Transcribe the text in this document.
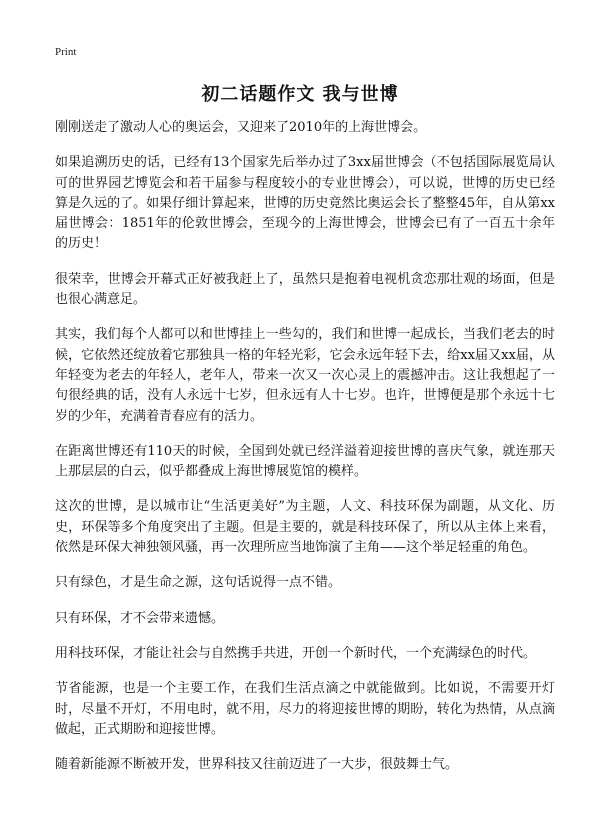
Print
初二话题作文 我与世博

刚刚送走了激动人心的奥运会，又迎来了2010年的上海世博会。

如果追溯历史的话，已经有13个国家先后举办过了3xx届世博会（不包括国际展览局认可的世界园艺博览会和若干届参与程度较小的专业世博会），可以说，世博的历史已经算是久远的了。如果仔细计算起来，世博的历史竟然比奥运会长了整整45年，自从第xx届世博会：1851年的伦敦世博会，至现今的上海世博会，世博会已有了一百五十余年的历史！

很荣幸，世博会开幕式正好被我赶上了，虽然只是抱着电视机贪恋那壮观的场面，但是也很心满意足。

其实，我们每个人都可以和世博挂上一些勾的，我们和世博一起成长，当我们老去的时候，它依然还绽放着它那独具一格的年轻光彩，它会永远年轻下去，给xx届又xx届，从年轻变为老去的年轻人，老年人，带来一次又一次心灵上的震撼冲击。这让我想起了一句很经典的话，没有人永远十七岁，但永远有人十七岁。也许，世博便是那个永远十七岁的少年，充满着青春应有的活力。

在距离世博还有110天的时候，全国到处就已经洋溢着迎接世博的喜庆气象，就连那天上那层层的白云，似乎都叠成上海世博展览馆的模样。

这次的世博，是以城市让“生活更美好”为主题，人文、科技环保为副题，从文化、历史，环保等多个角度突出了主题。但是主要的，就是科技环保了，所以从主体上来看，依然是环保大神独领风骚，再一次理所应当地饰演了主角——这个举足轻重的角色。

只有绿色，才是生命之源，这句话说得一点不错。

只有环保，才不会带来遗憾。

用科技环保，才能让社会与自然携手共进，开创一个新时代，一个充满绿色的时代。

节省能源，也是一个主要工作，在我们生活点滴之中就能做到。比如说，不需要开灯时，尽量不开灯，不用电时，就不用，尽力的将迎接世博的期盼，转化为热情，从点滴做起，正式期盼和迎接世博。

随着新能源不断被开发，世界科技又往前迈进了一大步，很鼓舞士气。
